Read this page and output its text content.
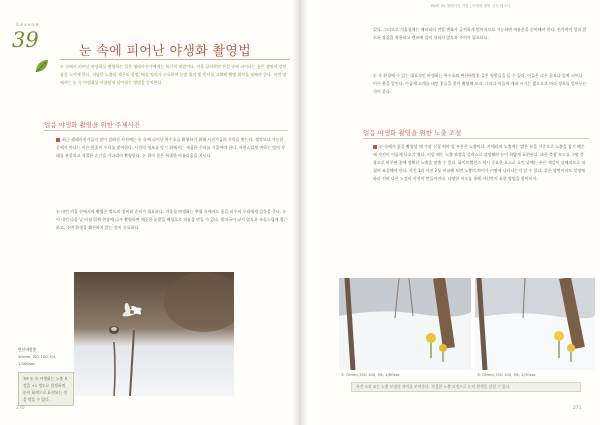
Lesson
39	눈 속에 피어난 야생화 촬영법
눈 속에서 피어난 야생화를 촬영하는 일은 생태사진가에게는 특기적 작업이다. 겨울 끝자락의 잔설 속에 피어나는 꽃은 생명의 강인함을 느끼게 한다. 적당한 노출과 색온도 설정, 배경 정리가 중요하며 눈밭 위의 빛 반사를 고려해 촬영 위치를 정해야 한다. 이번 장에서는 눈 속 야생화를 아름답게 담아내는 방법을 알아본다.
얼음 야생화 촬영을 위한 주제사진
최근 생태사진가들의 많이 알려진 사진에는 눈 속에 피어난 복수초를 활영하기 위해 사진가들의 주목을 받는다. 생각보다 가능한 곳에서 만나는 이른 봄꽃이 우리를 맞이한다. 사진의 정보를 담기 위해서는 세심한 주의를 기울여야 한다. 자연스럽게 변하는 빛의 상태를 관찰하고 적절한 순간을 기다리며 촬영한다. 눈 위의 꽃은 특별한 아름다움을 지닌다.
눈 내린 겨울 산에서의 촬영은 별도의 장비와 준비가 필요하다. 겨울철 야생화는 추위 속에서도 꽃을 피우며 우리에게 감동을 준다. 눈이 내린 다음 날 아침 일찍 현장에 나가 촬영하면 깨끗한 눈밭을 배경으로 작품을 만들 수 있다. 발자국이 남지 않도록 조심스럽게 접근하고, 주변 환경을 훼손하지 않는 것이 중요하다.
변산바람꽃
50mm, ISO 100, f/4, 1/160sec
TIP 눈 속 야생화는 노출 보정을 +1 정도로 설정하면 눈이 회색으로 표현되는 것을 막을 수 있다.
270
PART 05 생태사진 기법 | 야생화 촬영 실전 테크닉
있다. 그러므로 겨울철에는 배터리의 전압 변화가 급격하게 떨어지므로 가능하면 여유분을 준비해야 한다. 손가락이 얼지 않도록 장갑을 착용하고 렌즈에 김이 서리지 않도록 주의가 필요하다.
눈 속 환경에 수 있는 대표적인 야생화는 복수초와 변산바람꽃 같은 영원들을 들 수 있다. 이들은 다른 꽃보다 일찍 피어나 이른 봄을 알린다. 수줍게 고개를 내민 꽃들을 찾아 촬영해 보자. 그러나 이들의 개화 시기는 짧으므로 미리 정보를 알아두는 것이 좋다.
얼음 야생화 촬영을 위한 노출 조절
눈 속에서 꽃을 촬영할 때 가장 신경 써야 할 부분은 노출이다. 카메라의 노출계는 밝은 눈을 기준으로 노출을 잡기 때문에 사진이 어둡게 나오기 쉽다. 이럴 때는 노출 보정을 플러스로 설정해야 눈이 하얗게 표현된다. 또한 측광 모드를 스팟 측광으로 바꾸면 꽃에 정확한 노출을 맞출 수 있다. 화이트밸런스 역시 중요한 요소로 흐린 날에는 푸른 색감이 강해지므로 적절히 조절해야 한다. 사진 1과 사진 2를 비교해 보면 노출의 차이가 어떻게 나타나는지 알 수 있다. 같은 장면이라도 설정에 따라 전혀 다른 느낌의 사진이 만들어진다. 다양한 시도를 통해 자신만의 표현 방법을 찾아보자.
① 70mm, ISO 100, f/8, 1/60sec	② 70mm, ISO 100, f/8, 1/30sec
사진 ①과 ②는 노출 보정의 차이를 보여준다. 적절한 노출 보정으로 눈의 흰색을 살릴 수 있다.
271
